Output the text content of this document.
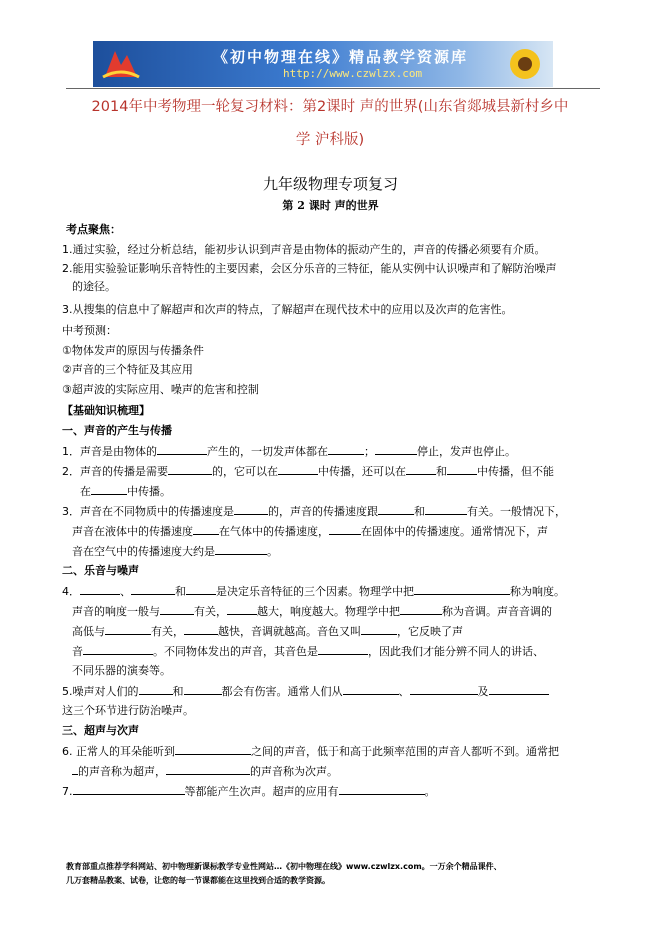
《初中物理在线》精品教学资源库
http://www.czwlzx.com
2014年中考物理一轮复习材料：第2课时 声的世界(山东省郯城县新村乡中
学 沪科版)
九年级物理专项复习
第 2 课时 声的世界
考点聚焦：
1.通过实验，经过分析总结，能初步认识到声音是由物体的振动产生的，声音的传播必须要有介质。
2.能用实验验证影响乐音特性的主要因素，会区分乐音的三特征，能从实例中认识噪声和了解防治噪声
的途径。
3.从搜集的信息中了解超声和次声的特点，了解超声在现代技术中的应用以及次声的危害性。
中考预测：
①物体发声的原因与传播条件
②声音的三个特征及其应用
③超声波的实际应用、噪声的危害和控制
【基础知识梳理】
一、声音的产生与传播
1．声音是由物体的	产生的，一切发声体都在	；	停止，发声也停止。
2．声音的传播是需要	的，它可以在	中传播，还可以在	和	中传播，但不能
在	中传播。
3．声音在不同物质中的传播速度是	的，声音的传播速度跟	和	有关。一般情况下，
声音在液体中的传播速度 在气体中的传播速度，	在固体中的传播速度。通常情况下，声
音在空气中的传播速度大约是	。
二、乐音与噪声
4．	、	和	是决定乐音特征的三个因素。物理学中把	称为响度。
声音的响度一般与	有关，	越大，响度越大。物理学中把	称为音调。声音音调的
高低与	有关，	越快，音调就越高。音色又叫	，它反映了声
音	。不同物体发出的声音，其音色是	，因此我们才能分辨不同人的讲话、
不同乐器的演奏等。
5.噪声对人们的	和	都会有伤害。通常人们从	、	及
这三个环节进行防治噪声。
三、超声与次声
6. 正常人的耳朵能听到	之间的声音，低于和高于此频率范围的声音人都听不到。通常把
的声音称为超声，	的声音称为次声。
7.	等都能产生次声。超声的应用有	。
教育部重点推荐学科网站、初中物理新课标教学专业性网站…《初中物理在线》www.czwlzx.com。一万余个精品课件、
几万套精品教案、试卷，让您的每一节课都能在这里找到合适的教学资源。
